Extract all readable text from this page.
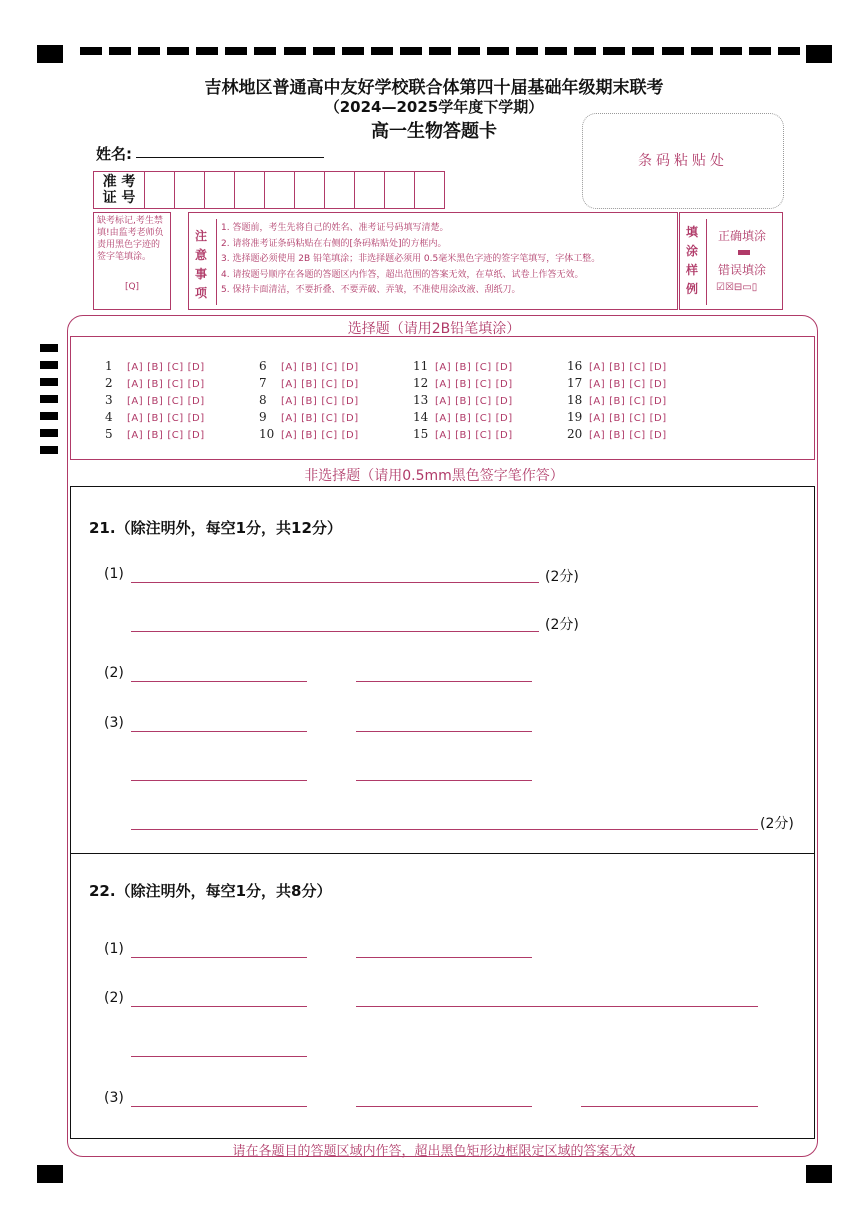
吉林地区普通高中友好学校联合体第四十届基础年级期末联考
（2024—2025学年度下学期）
高一生物答题卡
姓名:	条码粘贴处
准 考
证 号
缺考标记,考生禁填!由监考老师负责用黑色字迹的签字笔填涂。
[Q]
注
意
事
项
1. 答题前，考生先将自己的姓名、准考证号码填写清楚。
2. 请将准考证条码粘贴在右侧的[条码粘贴处]的方框内。
3. 选择题必须使用 2B 铅笔填涂；非选择题必须用 0.5毫米黑色字迹的签字笔填写，字体工整。
4. 请按题号顺序在各题的答题区内作答，超出范围的答案无效，在草纸、试卷上作答无效。
5. 保持卡面清洁，不要折叠、不要弄破、弄皱，不准使用涂改液、刮纸刀。
填
涂
样
例
正确填涂
错误填涂
☑☒⊟▭▯
选择题（请用2B铅笔填涂）
1 [A] [B] [C] [D]
2 [A] [B] [C] [D]
3 [A] [B] [C] [D]
4 [A] [B] [C] [D]
5 [A] [B] [C] [D]
6 [A] [B] [C] [D]
7 [A] [B] [C] [D]
8 [A] [B] [C] [D]
9 [A] [B] [C] [D]
10 [A] [B] [C] [D]
11 [A] [B] [C] [D]
12 [A] [B] [C] [D]
13 [A] [B] [C] [D]
14 [A] [B] [C] [D]
15 [A] [B] [C] [D]
16 [A] [B] [C] [D]
17 [A] [B] [C] [D]
18 [A] [B] [C] [D]
19 [A] [B] [C] [D]
20 [A] [B] [C] [D]
非选择题（请用0.5mm黑色签字笔作答）
21.（除注明外，每空1分，共12分）
(1)	(2分)
(2分)
(2)
(3)
(2分)
22.（除注明外，每空1分，共8分）
(1)
(2)
(3)
请在各题目的答题区域内作答，超出黑色矩形边框限定区域的答案无效
